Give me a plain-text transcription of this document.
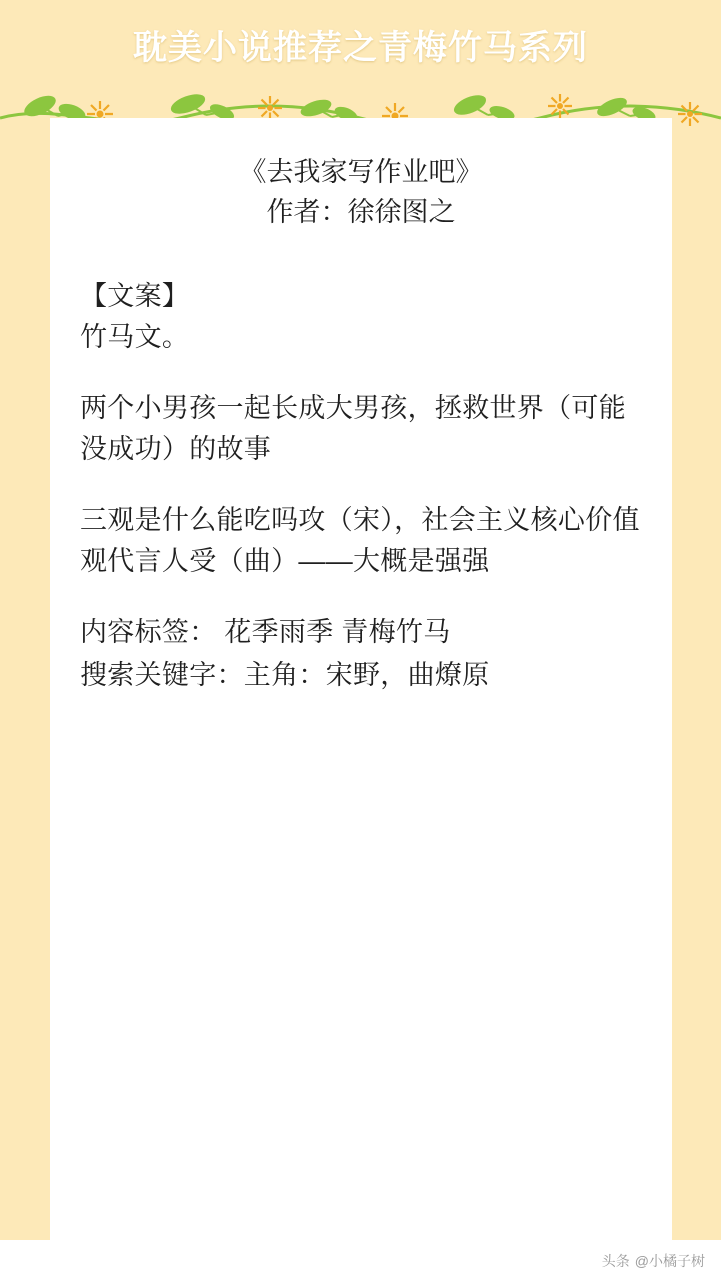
耽美小说推荐之青梅竹马系列
《去我家写作业吧》
作者：徐徐图之

【文案】

竹马文。

两个小男孩一起长成大男孩，拯救世界（可能没成功）的故事

三观是什么能吃吗攻（宋），社会主义核心价值观代言人受（曲）——大概是强强

内容标签： 花季雨季 青梅竹马

搜索关键字：主角：宋野，曲燎原

头条 @小橘子树
